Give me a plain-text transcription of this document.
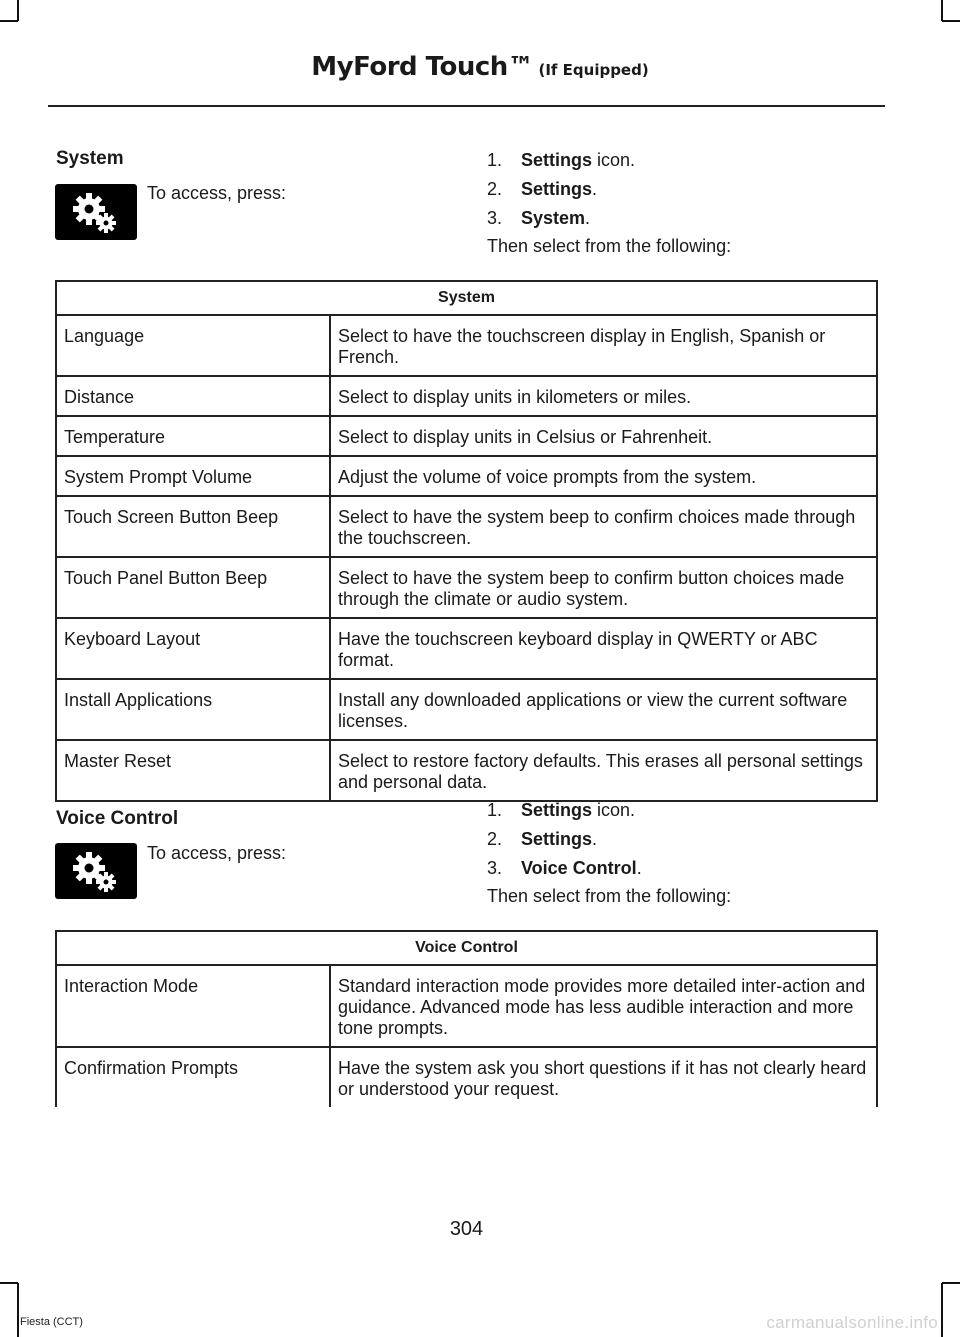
MyFord Touch™ (If Equipped)
System
To access, press:
1. Settings icon.
2. Settings.
3. System.
Then select from the following:
System	
Language	Select to have the touchscreen display in English, Spanish or French.
Distance	Select to display units in kilometers or miles.
Temperature	Select to display units in Celsius or Fahrenheit.
System Prompt Volume	Adjust the volume of voice prompts from the system.
Touch Screen Button Beep	Select to have the system beep to confirm choices made through the touchscreen.
Touch Panel Button Beep	Select to have the system beep to confirm button choices made through the climate or audio system.
Keyboard Layout	Have the touchscreen keyboard display in QWERTY or ABC format.
Install Applications	Install any downloaded applications or view the current software licenses.
Master Reset	Select to restore factory defaults. This erases all personal settings and personal data.
Voice Control
To access, press:
1. Settings icon.
2. Settings.
3. Voice Control.
Then select from the following:
Voice Control	
Interaction Mode	Standard interaction mode provides more detailed inter-action and guidance. Advanced mode has less audible interaction and more tone prompts.
Confirmation Prompts	Have the system ask you short questions if it has not clearly heard or understood your request.
304
Fiesta (CCT)	carmanualsonline.info
